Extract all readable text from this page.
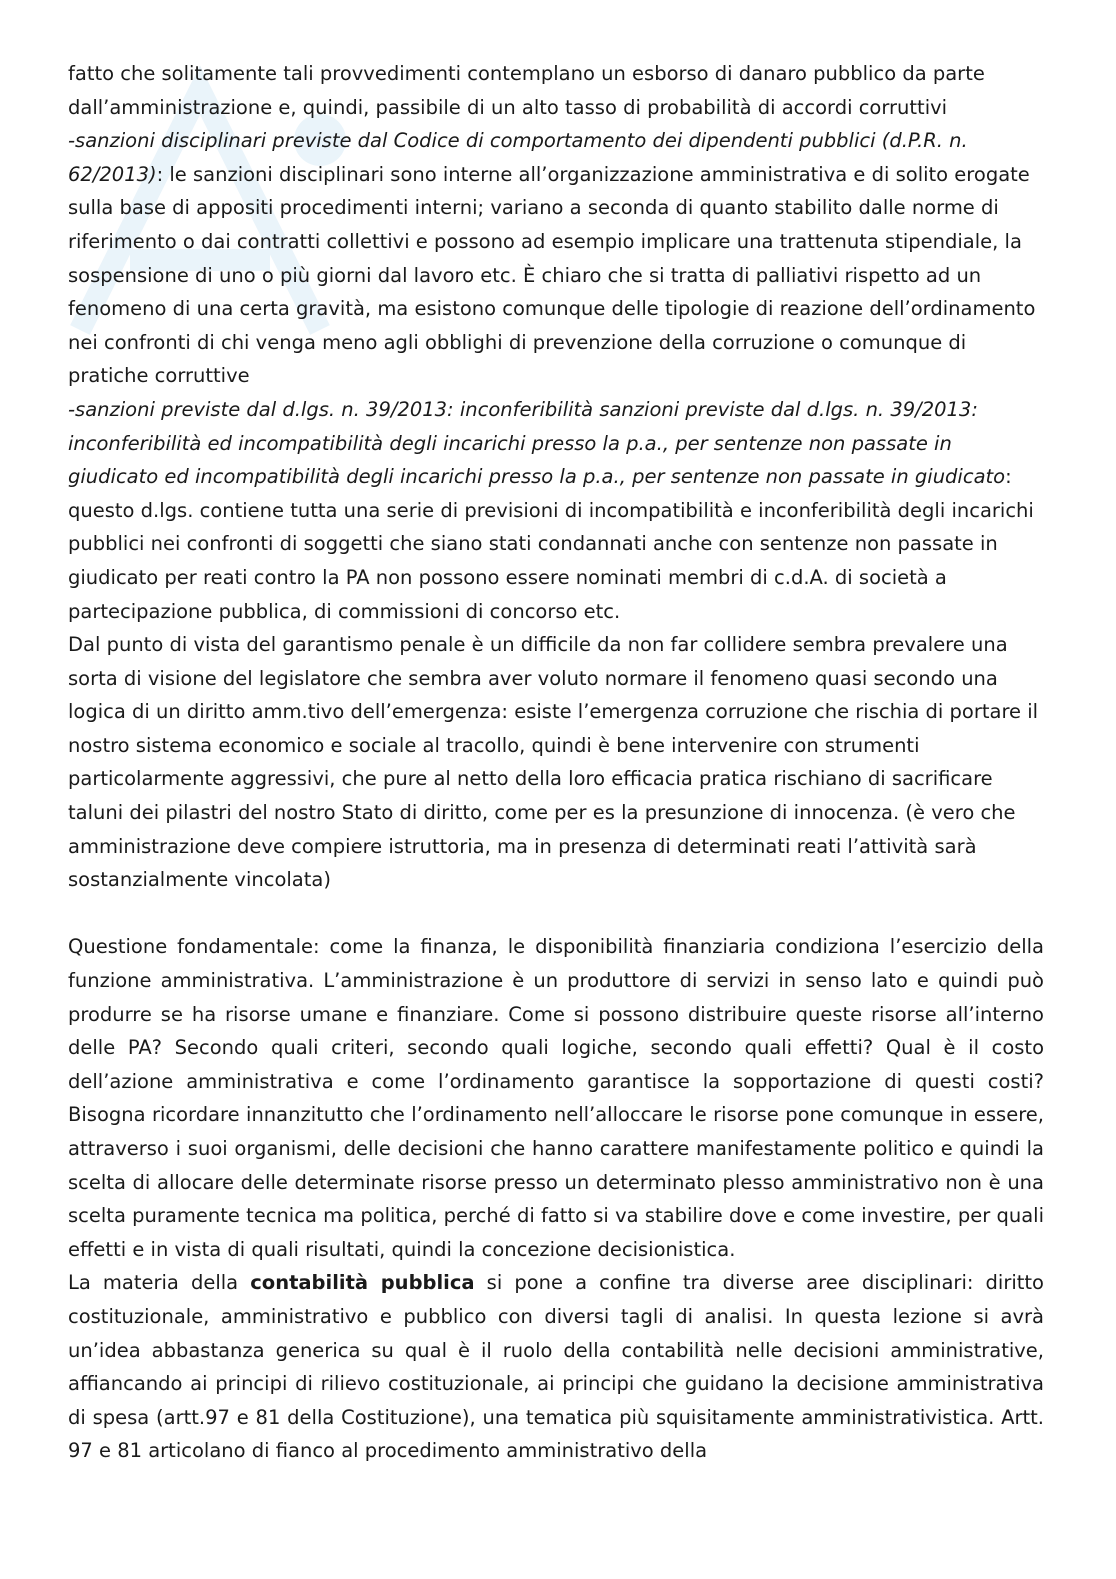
fatto che solitamente tali provvedimenti contemplano un esborso di danaro pubblico da parte dall’amministrazione e, quindi, passibile di un alto tasso di probabilità di accordi corruttivi

-sanzioni disciplinari previste dal Codice di comportamento dei dipendenti pubblici (d.P.R. n. 62/2013): le sanzioni disciplinari sono interne all’organizzazione amministrativa e di solito erogate sulla base di appositi procedimenti interni; variano a seconda di quanto stabilito dalle norme di riferimento o dai contratti collettivi e possono ad esempio implicare una trattenuta stipendiale, la sospensione di uno o più giorni dal lavoro etc. È chiaro che si tratta di palliativi rispetto ad un fenomeno di una certa gravità, ma esistono comunque delle tipologie di reazione dell’ordinamento nei confronti di chi venga meno agli obblighi di prevenzione della corruzione o comunque di pratiche corruttive

-sanzioni previste dal d.lgs. n. 39/2013: inconferibilità sanzioni previste dal d.lgs. n. 39/2013: inconferibilità ed incompatibilità degli incarichi presso la p.a., per sentenze non passate in giudicato ed incompatibilità degli incarichi presso la p.a., per sentenze non passate in giudicato: questo d.lgs. contiene tutta una serie di previsioni di incompatibilità e inconferibilità degli incarichi pubblici nei confronti di soggetti che siano stati condannati anche con sentenze non passate in giudicato per reati contro la PA non possono essere nominati membri di c.d.A. di società a partecipazione pubblica, di commissioni di concorso etc.

Dal punto di vista del garantismo penale è un difficile da non far collidere sembra prevalere una sorta di visione del legislatore che sembra aver voluto normare il fenomeno quasi secondo una logica di un diritto amm.tivo dell’emergenza: esiste l’emergenza corruzione che rischia di portare il nostro sistema economico e sociale al tracollo, quindi è bene intervenire con strumenti particolarmente aggressivi, che pure al netto della loro efficacia pratica rischiano di sacrificare taluni dei pilastri del nostro Stato di diritto, come per es la presunzione di innocenza. (è vero che amministrazione deve compiere istruttoria, ma in presenza di determinati reati l’attività sarà sostanzialmente vincolata)

Questione fondamentale: come la finanza, le disponibilità finanziaria condiziona l’esercizio della funzione amministrativa. L’amministrazione è un produttore di servizi in senso lato e quindi può produrre se ha risorse umane e finanziare. Come si possono distribuire queste risorse all’interno delle PA? Secondo quali criteri, secondo quali logiche, secondo quali effetti? Qual è il costo dell’azione amministrativa e come l’ordinamento garantisce la sopportazione di questi costi? Bisogna ricordare innanzitutto che l’ordinamento nell’alloccare le risorse pone comunque in essere, attraverso i suoi organismi, delle decisioni che hanno carattere manifestamente politico e quindi la scelta di allocare delle determinate risorse presso un determinato plesso amministrativo non è una scelta puramente tecnica ma politica, perché di fatto si va stabilire dove e come investire, per quali effetti e in vista di quali risultati, quindi la concezione decisionistica.

La materia della contabilità pubblica si pone a confine tra diverse aree disciplinari: diritto costituzionale, amministrativo e pubblico con diversi tagli di analisi. In questa lezione si avrà un’idea abbastanza generica su qual è il ruolo della contabilità nelle decisioni amministrative, affiancando ai principi di rilievo costituzionale, ai principi che guidano la decisione amministrativa di spesa (artt.97 e 81 della Costituzione), una tematica più squisitamente amministrativistica. Artt. 97 e 81 articolano di fianco al procedimento amministrativo della
